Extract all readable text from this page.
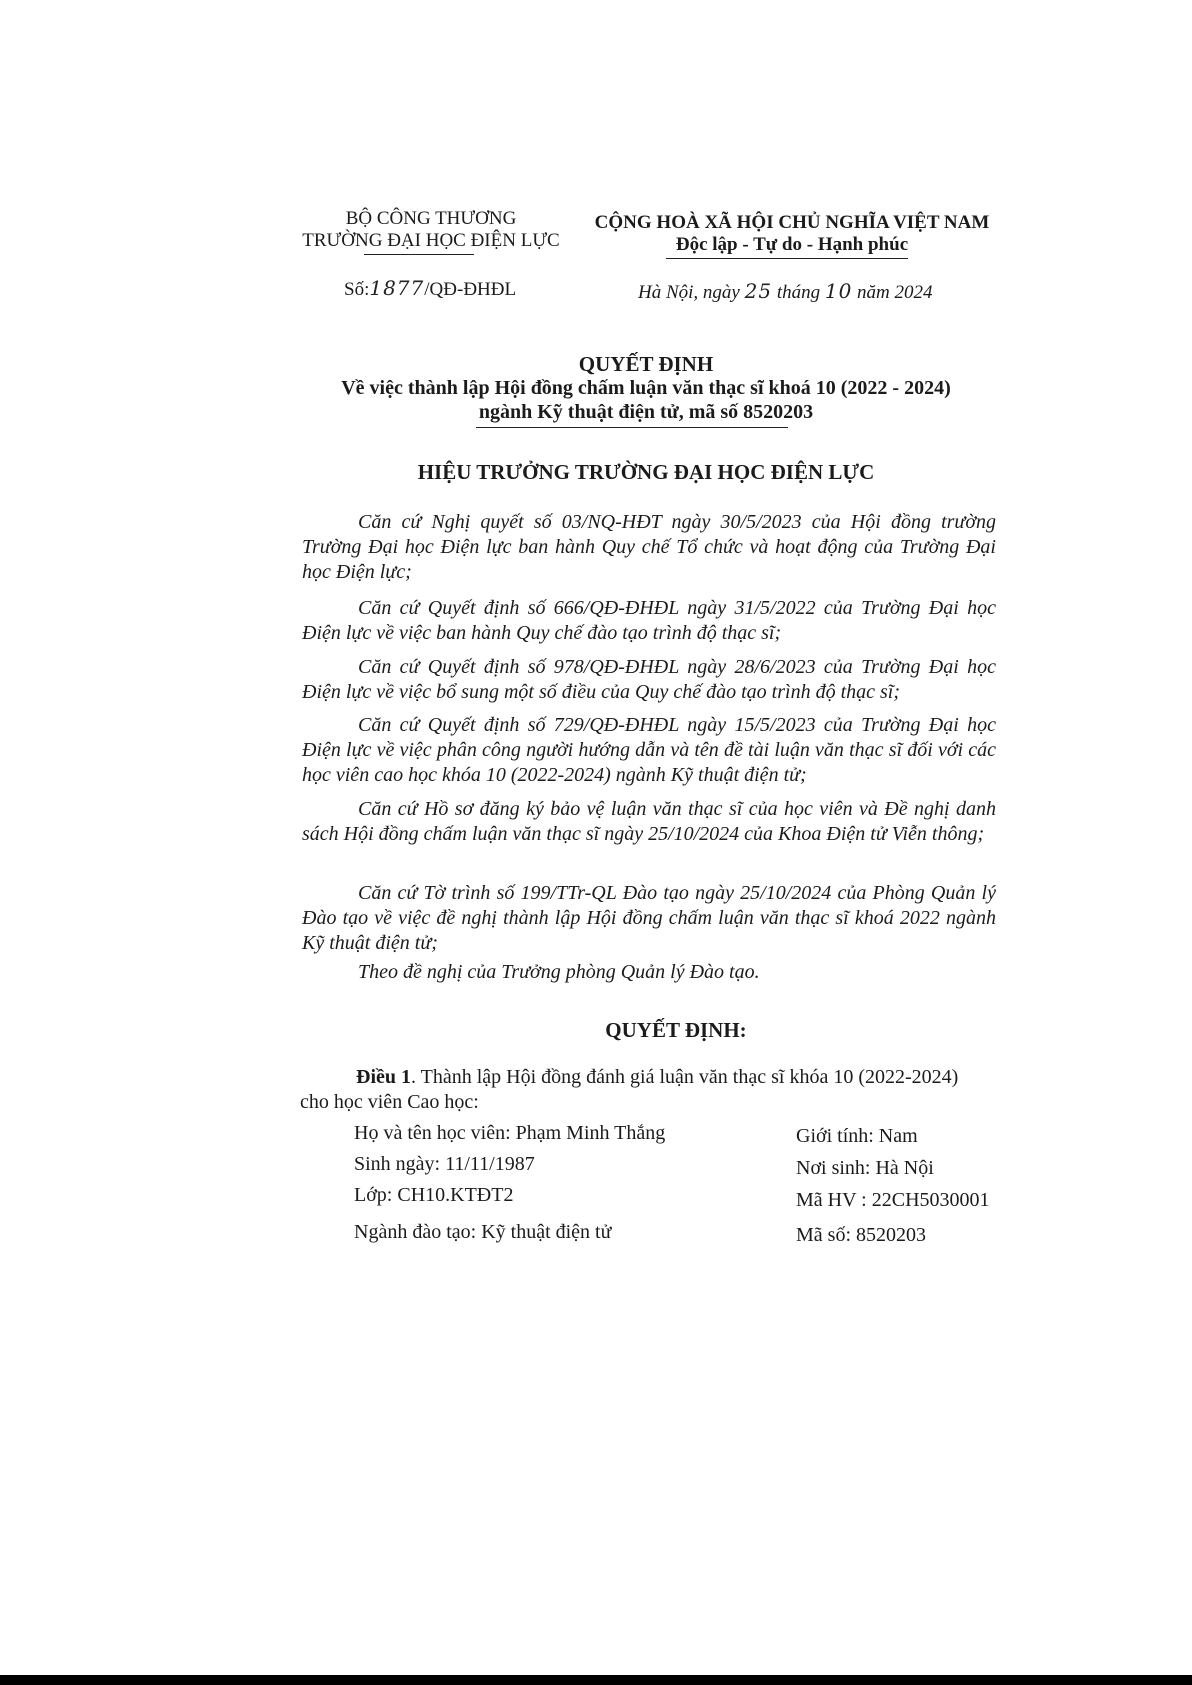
BỘ CÔNG THƯƠNG
TRƯỜNG ĐẠI HỌC ĐIỆN LỰC
CỘNG HOÀ XÃ HỘI CHỦ NGHĨA VIỆT NAM
Độc lập - Tự do - Hạnh phúc
Số:1877/QĐ-ĐHĐL	Hà Nội, ngày 25 tháng 10 năm 2024
QUYẾT ĐỊNH
Về việc thành lập Hội đồng chấm luận văn thạc sĩ khoá 10 (2022 - 2024)
ngành Kỹ thuật điện tử, mã số 8520203
HIỆU TRƯỞNG TRƯỜNG ĐẠI HỌC ĐIỆN LỰC
Căn cứ Nghị quyết số 03/NQ-HĐT ngày 30/5/2023 của Hội đồng trường Trường Đại học Điện lực ban hành Quy chế Tổ chức và hoạt động của Trường Đại học Điện lực;
Căn cứ Quyết định số 666/QĐ-ĐHĐL ngày 31/5/2022 của Trường Đại học Điện lực về việc ban hành Quy chế đào tạo trình độ thạc sĩ;
Căn cứ Quyết định số 978/QĐ-ĐHĐL ngày 28/6/2023 của Trường Đại học Điện lực về việc bổ sung một số điều của Quy chế đào tạo trình độ thạc sĩ;
Căn cứ Quyết định số 729/QĐ-ĐHĐL ngày 15/5/2023 của Trường Đại học Điện lực về việc phân công người hướng dẫn và tên đề tài luận văn thạc sĩ đối với các học viên cao học khóa 10 (2022-2024) ngành Kỹ thuật điện tử;
Căn cứ Hồ sơ đăng ký bảo vệ luận văn thạc sĩ của học viên và Đề nghị danh sách Hội đồng chấm luận văn thạc sĩ ngày 25/10/2024 của Khoa Điện tử Viễn thông;
Căn cứ Tờ trình số 199/TTr-QL Đào tạo ngày 25/10/2024 của Phòng Quản lý Đào tạo về việc đề nghị thành lập Hội đồng chấm luận văn thạc sĩ khoá 2022 ngành Kỹ thuật điện tử;
Theo đề nghị của Trưởng phòng Quản lý Đào tạo.
QUYẾT ĐỊNH:
Điều 1. Thành lập Hội đồng đánh giá luận văn thạc sĩ khóa 10 (2022-2024)
cho học viên Cao học:
Họ và tên học viên: Phạm Minh Thắng	Giới tính: Nam
Sinh ngày: 11/11/1987	Nơi sinh: Hà Nội
Lớp: CH10.KTĐT2	Mã HV : 22CH5030001
Ngành đào tạo: Kỹ thuật điện tử	Mã số: 8520203
